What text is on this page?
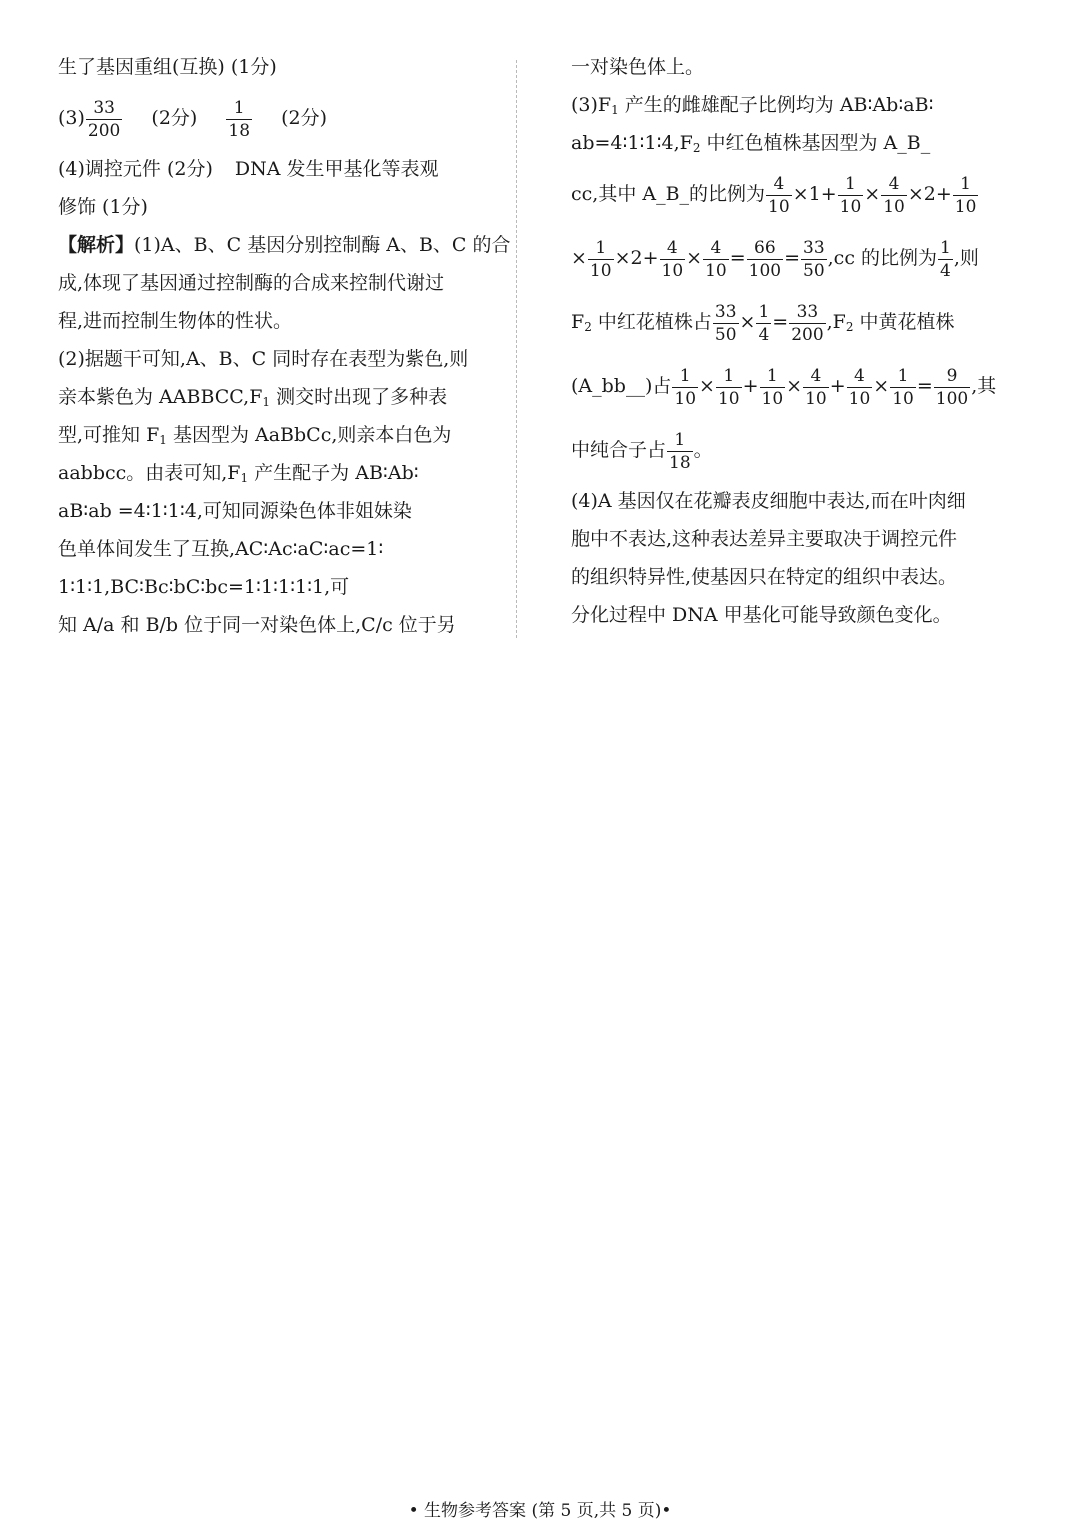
生了基因重组(互换) (1分)
$(3) \frac{33}{200} (2$分) $\frac{1}{18} (2$分)
(4)调控元件 (2分) DNA 发生甲基化等表观
修饰 (1分)
【解析】(1)A、B、C 基因分别控制酶 A、B、C 的合
成,体现了基因通过控制酶的合成来控制代谢过
程,进而控制生物体的性状。
(2)据题干可知,A、B、C 同时存在表型为紫色,则
亲本紫色为 $AABBCC,F_1$ 测交时出现了多种表
型,可推知 $F_1$ 基因型为 AaBbCc,则亲本白色为
aabbcc。由表可知$,F_1$ 产生配子为 AB∶Ab∶
aB∶ab =4∶1∶1∶4,可知同源染色体非姐妹染
色单体间发生了互换,AC∶Ac∶aC∶ac=1∶
1∶1∶1,BC∶Bc∶bC∶bc=1∶1∶1∶1∶1,可
知 A/a 和 B/b 位于同一对染色体上,C/c 位于另
一对染色体上。
$(3)F_1$ 产生的雌雄配子比例均为 AB∶Ab∶aB∶
$ab=4∶1∶1∶4,F_2$ 中红色植株基因型为 A_B_
cc,其中 A_B_的比例为 $\frac{4}{10} \times 1+ \frac{1}{10} \times \frac{4}{10} \times 2+ \frac{1}{10}$
× $\frac{1}{10} \times 2+ \frac{4}{10} \times \frac{4}{10} = \frac{66}{100} = \frac{33}{50} ,cc$ 的比例为 $\frac{1}{4}$ ,则
$F_2$ 中红花植株占 $\frac{33}{50} \times \frac{1}{4} = \frac{33}{200} ,F_2$ 中黄花植株
(A_bb__)占 $\frac{1}{10} \times \frac{1}{10} + \frac{1}{10} \times \frac{4}{10} + \frac{4}{10} \times \frac{1}{10} = \frac{9}{100}$ ,其
中纯合子占 $\frac{1}{18}$ 。
(4)A 基因仅在花瓣表皮细胞中表达,而在叶肉细
胞中不表达,这种表达差异主要取决于调控元件
的组织特异性,使基因只在特定的组织中表达。
分化过程中 DNA 甲基化可能导致颜色变化。
• 生物参考答案 (第 5 页,共 5 页)•
